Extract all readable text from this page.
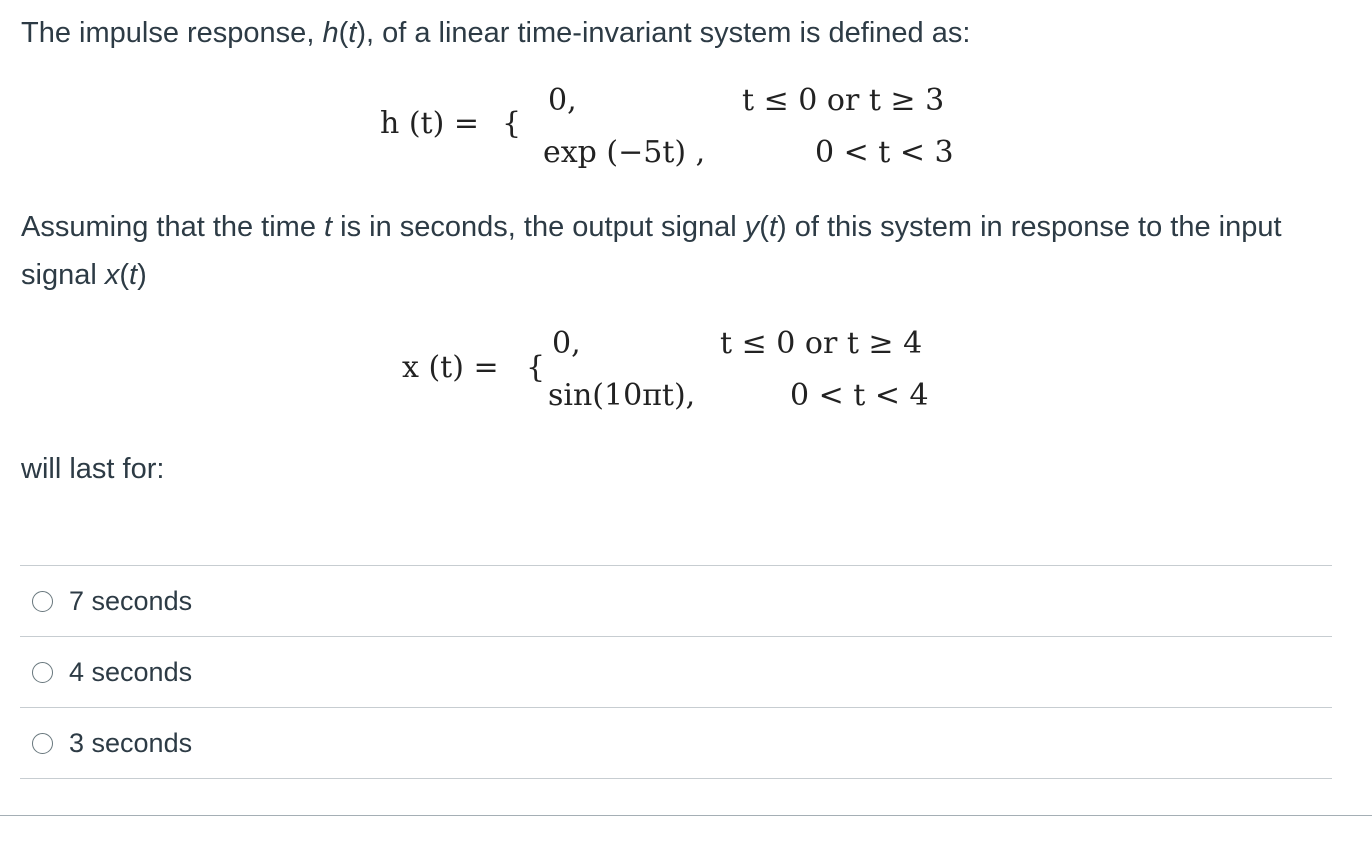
The impulse response, h(t), of a linear time-invariant system is defined as:
h (t) = {
0,	t ≤ 0 or t ≥ 3
exp (−5t) ,	0 < t < 3
Assuming that the time t is in seconds, the output signal y(t) of this system in response to the input signal x(t)
x (t) = {
0,	t ≤ 0 or t ≥ 4
sin(10πt),	0 < t < 4
will last for:
7 seconds
4 seconds
3 seconds
